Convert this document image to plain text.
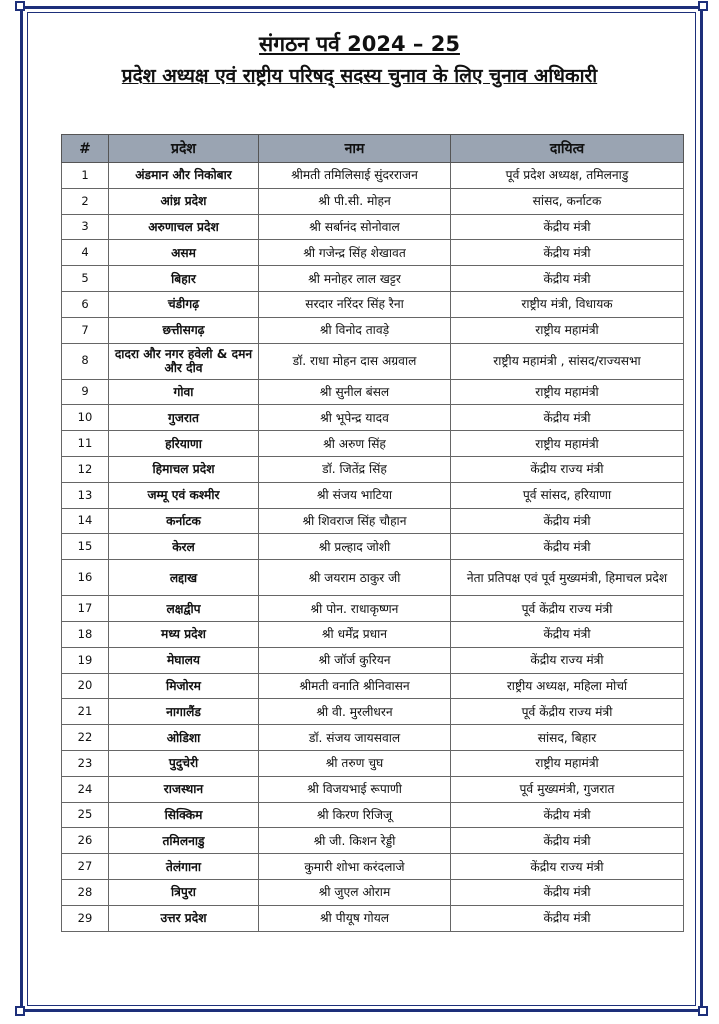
संगठन पर्व 2024 – 25
प्रदेश अध्यक्ष एवं राष्ट्रीय परिषद् सदस्य चुनाव के लिए चुनाव अधिकारी
#	प्रदेश	नाम	दायित्व
1	अंडमान और निकोबार	श्रीमती तमिलिसाई सुंदरराजन	पूर्व प्रदेश अध्यक्ष, तमिलनाडु
2	आंध्र प्रदेश	श्री पी.सी. मोहन	सांसद, कर्नाटक
3	अरुणाचल प्रदेश	श्री सर्बानंद सोनोवाल	केंद्रीय मंत्री
4	असम	श्री गजेन्द्र सिंह शेखावत	केंद्रीय मंत्री
5	बिहार	श्री मनोहर लाल खट्टर	केंद्रीय मंत्री
6	चंडीगढ़	सरदार नरिंदर सिंह रैना	राष्ट्रीय मंत्री, विधायक
7	छत्तीसगढ़	श्री विनोद तावड़े	राष्ट्रीय महामंत्री
8	दादरा और नगर हवेली & दमन और दीव	डॉ. राधा मोहन दास अग्रवाल	राष्ट्रीय महामंत्री , सांसद/राज्यसभा
9	गोवा	श्री सुनील बंसल	राष्ट्रीय महामंत्री
10	गुजरात	श्री भूपेन्द्र यादव	केंद्रीय मंत्री
11	हरियाणा	श्री अरुण सिंह	राष्ट्रीय महामंत्री
12	हिमाचल प्रदेश	डॉ. जितेंद्र सिंह	केंद्रीय राज्य मंत्री
13	जम्मू एवं कश्मीर	श्री संजय भाटिया	पूर्व सांसद, हरियाणा
14	कर्नाटक	श्री शिवराज सिंह चौहान	केंद्रीय मंत्री
15	केरल	श्री प्रल्हाद जोशी	केंद्रीय मंत्री
16	लद्दाख	श्री जयराम ठाकुर जी	नेता प्रतिपक्ष एवं पूर्व मुख्यमंत्री, हिमाचल प्रदेश
17	लक्षद्वीप	श्री पोन. राधाकृष्णन	पूर्व केंद्रीय राज्य मंत्री
18	मध्य प्रदेश	श्री धर्मेंद्र प्रधान	केंद्रीय मंत्री
19	मेघालय	श्री जॉर्ज कुरियन	केंद्रीय राज्य मंत्री
20	मिजोरम	श्रीमती वनाति श्रीनिवासन	राष्ट्रीय अध्यक्ष, महिला मोर्चा
21	नागालैंड	श्री वी. मुरलीधरन	पूर्व केंद्रीय राज्य मंत्री
22	ओडिशा	डॉ. संजय जायसवाल	सांसद, बिहार
23	पुदुचेरी	श्री तरुण चुघ	राष्ट्रीय महामंत्री
24	राजस्थान	श्री विजयभाई रूपाणी	पूर्व मुख्यमंत्री, गुजरात
25	सिक्किम	श्री किरण रिजिजू	केंद्रीय मंत्री
26	तमिलनाडु	श्री जी. किशन रेड्डी	केंद्रीय मंत्री
27	तेलंगाना	कुमारी शोभा करंदलाजे	केंद्रीय राज्य मंत्री
28	त्रिपुरा	श्री जुएल ओराम	केंद्रीय मंत्री
29	उत्तर प्रदेश	श्री पीयूष गोयल	केंद्रीय मंत्री
